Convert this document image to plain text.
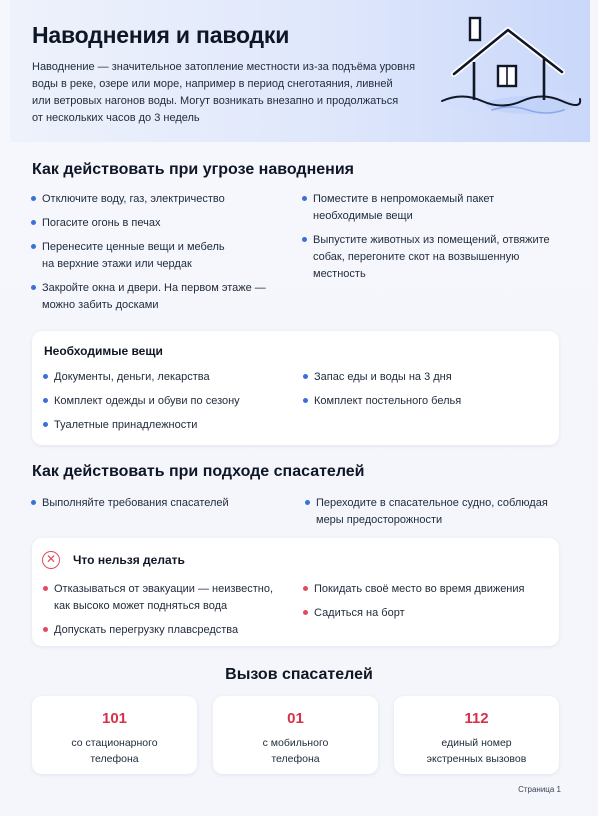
Наводнения и паводки
Наводнение — значительное затопление местности из-за подъёма уровня
воды в реке, озере или море, например в период снеготаяния, ливней
или ветровых нагонов воды. Могут возникать внезапно и продолжаться
от нескольких часов до 3 недель
Как действовать при угрозе наводнения
Отключите воду, газ, электричество
Погасите огонь в печах
Перенесите ценные вещи и мебель
на верхние этажи или чердак
Закройте окна и двери. На первом этаже —
можно забить досками
Поместите в непромокаемый пакет
необходимые вещи
Выпустите животных из помещений, отвяжите
собак, перегоните скот на возвышенную
местность
Необходимые вещи
Документы, деньги, лекарства
Комплект одежды и обуви по сезону
Туалетные принадлежности
Запас еды и воды на 3 дня
Комплект постельного белья
Как действовать при подходе спасателей
Выполняйте требования спасателей	Переходите в спасательное судно, соблюдая
меры предосторожности
✕	Что нельзя делать
Отказываться от эвакуации — неизвестно,
как высоко может подняться вода
Допускать перегрузку плавсредства
Покидать своё место во время движения
Садиться на борт
Вызов спасателей
101
со стационарного
телефона
01
с мобильного
телефона
112
единый номер
экстренных вызовов
Страница 1
